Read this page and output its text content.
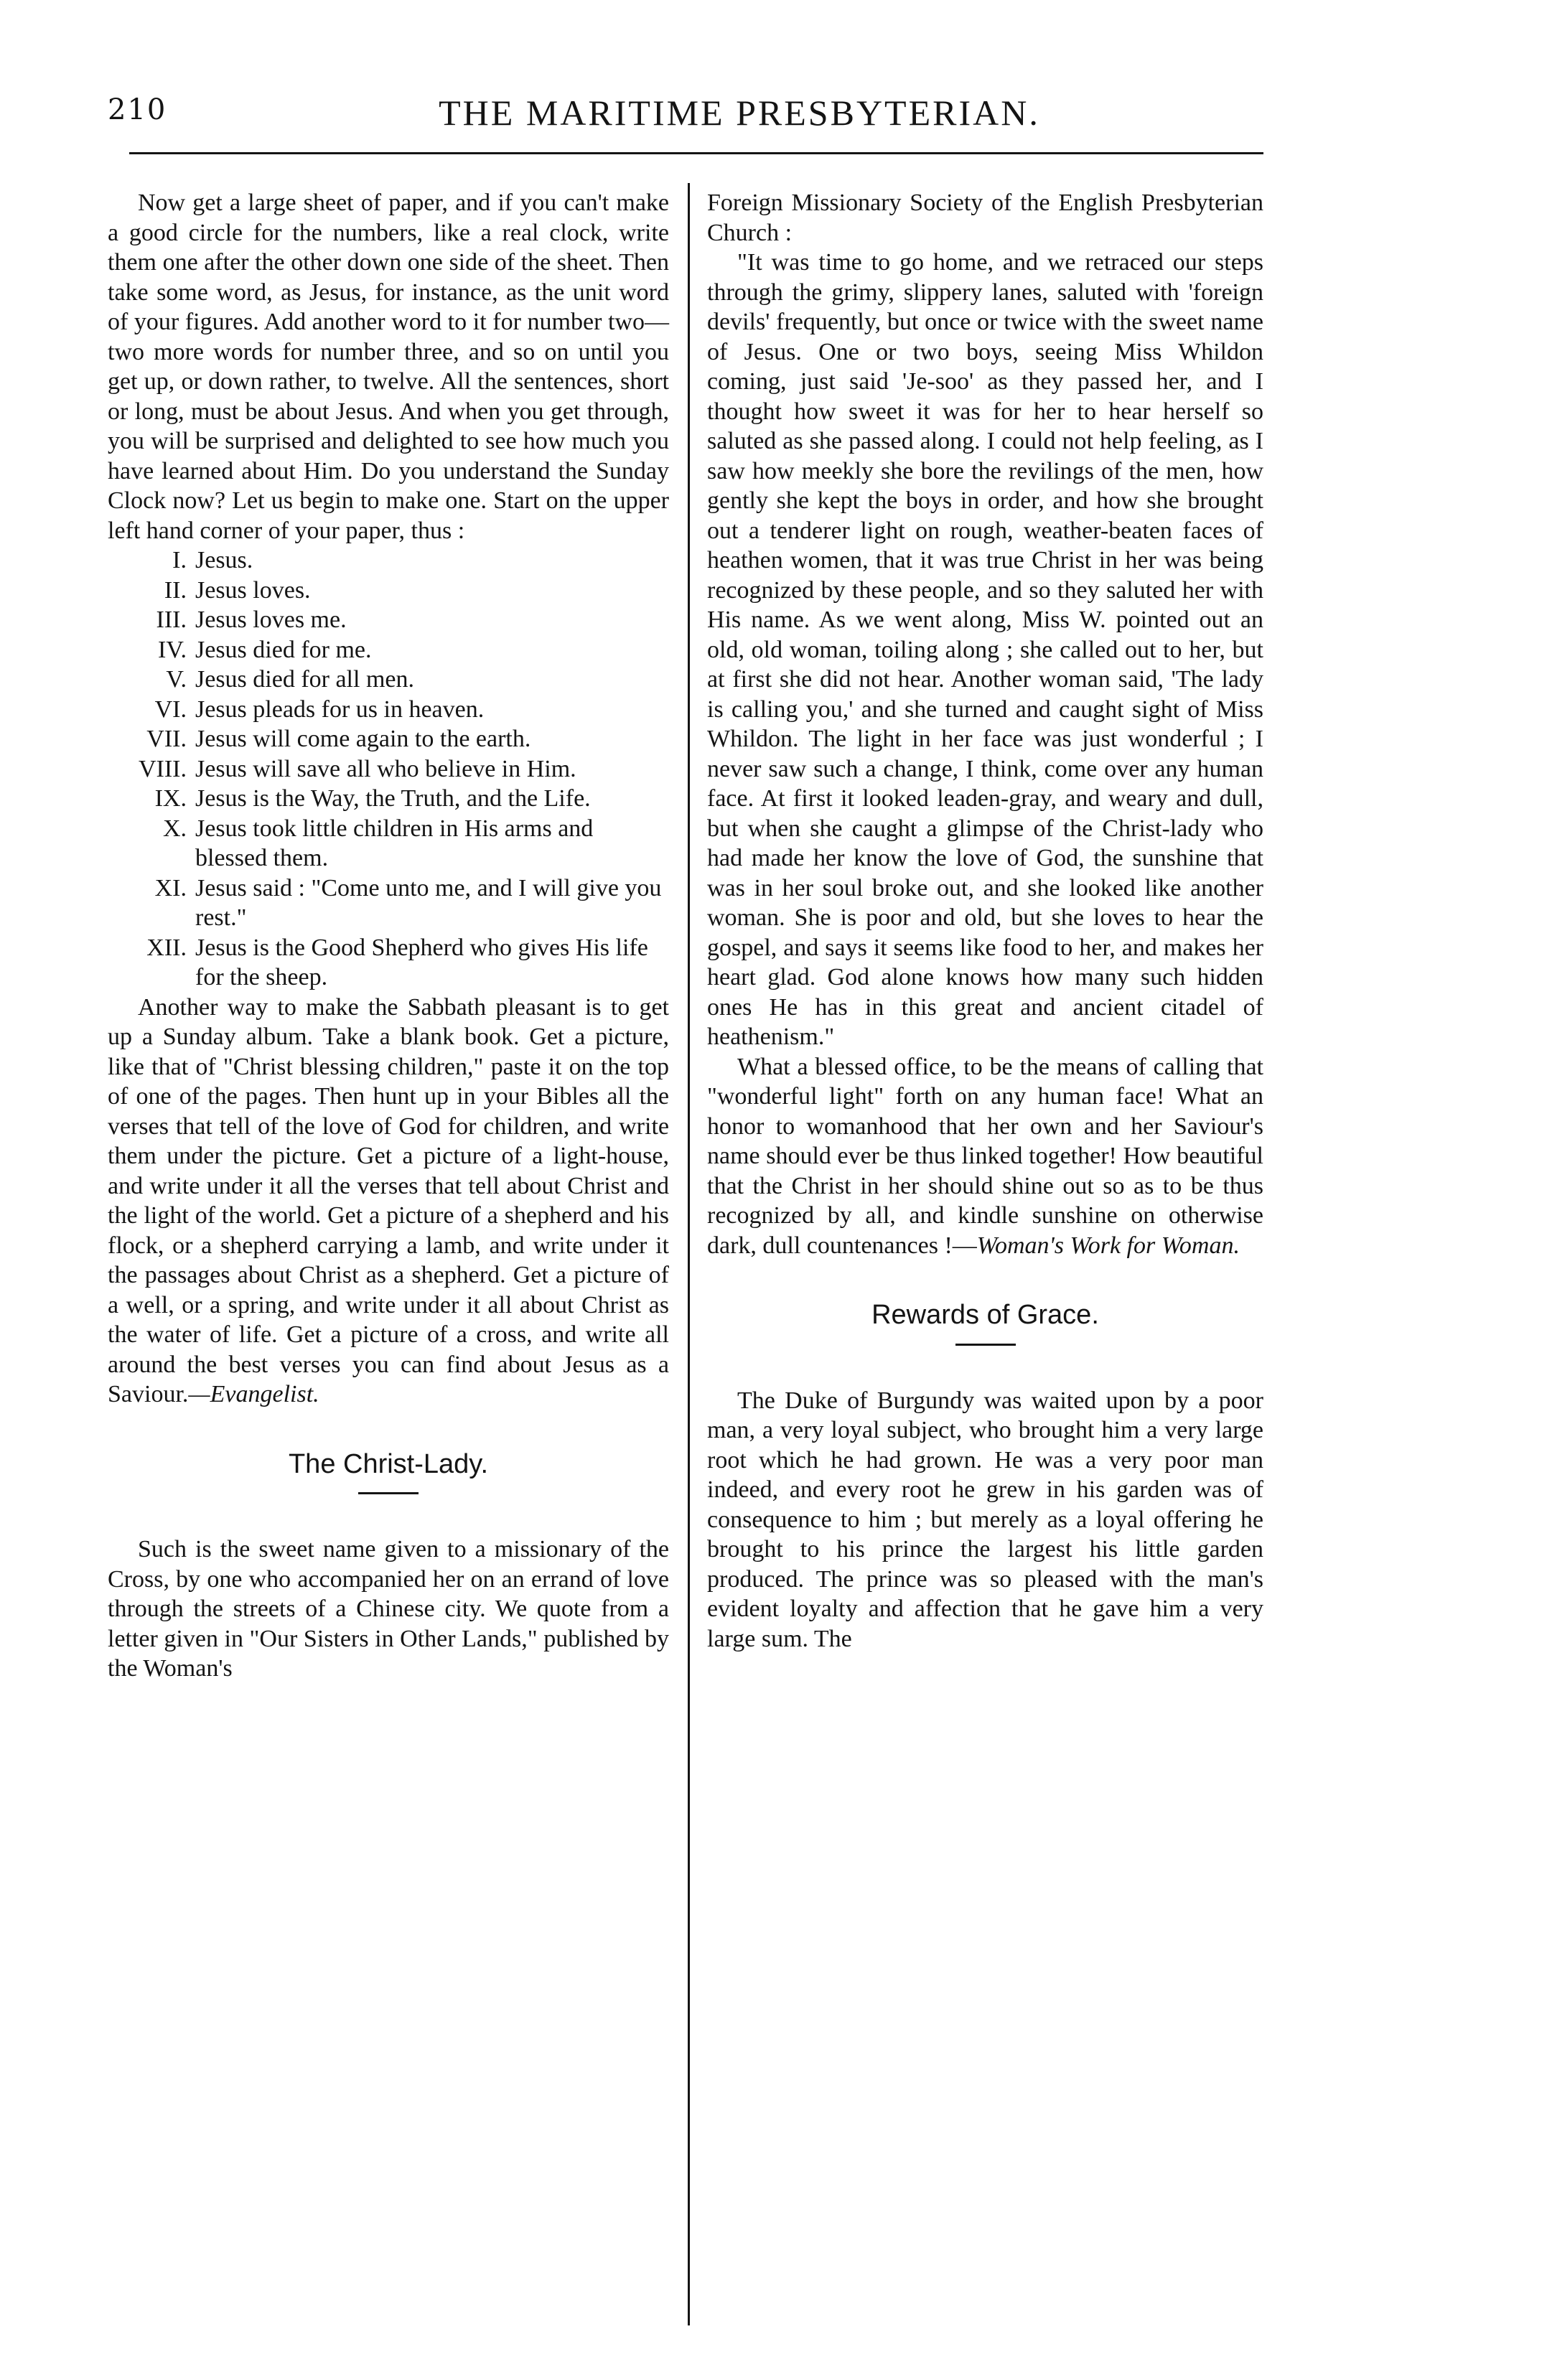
210	THE MARITIME PRESBYTERIAN.

Now get a large sheet of paper, and if you can't make a good circle for the numbers, like a real clock, write them one after the other down one side of the sheet. Then take some word, as Jesus, for instance, as the unit word of your figures. Add another word to it for number two— two more words for number three, and so on until you get up, or down rather, to twelve. All the sentences, short or long, must be about Jesus. And when you get through, you will be surprised and delighted to see how much you have learned about Him. Do you understand the Sunday Clock now? Let us begin to make one. Start on the upper left hand corner of your paper, thus :

I. Jesus.
II. Jesus loves.
III. Jesus loves me.
IV. Jesus died for me.
V. Jesus died for all men.
VI. Jesus pleads for us in heaven.
VII. Jesus will come again to the earth.
VIII. Jesus will save all who believe in Him.
IX. Jesus is the Way, the Truth, and the Life.
X. Jesus took little children in His arms and blessed them.
XI. Jesus said : "Come unto me, and I will give you rest."
XII. Jesus is the Good Shepherd who gives His life for the sheep.

Another way to make the Sabbath pleasant is to get up a Sunday album. Take a blank book. Get a picture, like that of "Christ blessing children," paste it on the top of one of the pages. Then hunt up in your Bibles all the verses that tell of the love of God for children, and write them under the picture. Get a picture of a light-house, and write under it all the verses that tell about Christ and the light of the world. Get a picture of a shepherd and his flock, or a shepherd carrying a lamb, and write under it the passages about Christ as a shepherd. Get a picture of a well, or a spring, and write under it all about Christ as the water of life. Get a picture of a cross, and write all around the best verses you can find about Jesus as a Saviour.—Evangelist.

The Christ-Lady.

Such is the sweet name given to a missionary of the Cross, by one who accompanied her on an errand of love through the streets of a Chinese city. We quote from a letter given in "Our Sisters in Other Lands," published by the Woman's

Foreign Missionary Society of the English Presbyterian Church :

"It was time to go home, and we retraced our steps through the grimy, slippery lanes, saluted with 'foreign devils' frequently, but once or twice with the sweet name of Jesus. One or two boys, seeing Miss Whildon coming, just said 'Je-soo' as they passed her, and I thought how sweet it was for her to hear herself so saluted as she passed along. I could not help feeling, as I saw how meekly she bore the revilings of the men, how gently she kept the boys in order, and how she brought out a tenderer light on rough, weather-beaten faces of heathen women, that it was true Christ in her was being recognized by these people, and so they saluted her with His name. As we went along, Miss W. pointed out an old, old woman, toiling along ; she called out to her, but at first she did not hear. Another woman said, 'The lady is calling you,' and she turned and caught sight of Miss Whildon. The light in her face was just wonderful ; I never saw such a change, I think, come over any human face. At first it looked leaden-gray, and weary and dull, but when she caught a glimpse of the Christ-lady who had made her know the love of God, the sunshine that was in her soul broke out, and she looked like another woman. She is poor and old, but she loves to hear the gospel, and says it seems like food to her, and makes her heart glad. God alone knows how many such hidden ones He has in this great and ancient citadel of heathenism."

What a blessed office, to be the means of calling that "wonderful light" forth on any human face! What an honor to womanhood that her own and her Saviour's name should ever be thus linked together! How beautiful that the Christ in her should shine out so as to be thus recognized by all, and kindle sunshine on otherwise dark, dull countenances !—Woman's Work for Woman.

Rewards of Grace.

The Duke of Burgundy was waited upon by a poor man, a very loyal subject, who brought him a very large root which he had grown. He was a very poor man indeed, and every root he grew in his garden was of consequence to him ; but merely as a loyal offering he brought to his prince the largest his little garden produced. The prince was so pleased with the man's evident loyalty and affection that he gave him a very large sum. The
